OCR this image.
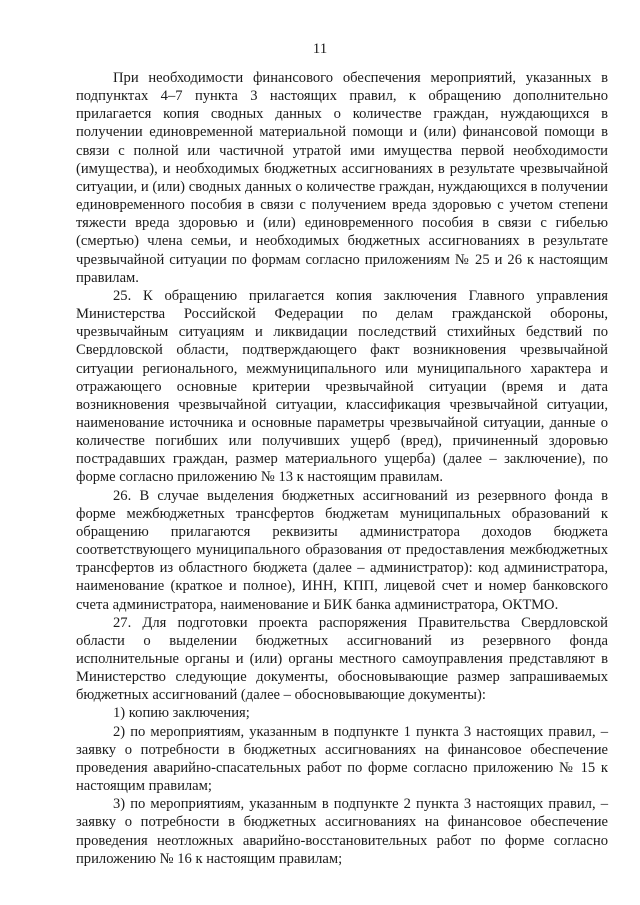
11

При необходимости финансового обеспечения мероприятий, указанных в подпунктах 4–7 пункта 3 настоящих правил, к обращению дополнительно прилагается копия сводных данных о количестве граждан, нуждающихся в получении единовременной материальной помощи и (или) финансовой помощи в связи с полной или частичной утратой ими имущества первой необходимости (имущества), и необходимых бюджетных ассигнованиях в результате чрезвычайной ситуации, и (или) сводных данных о количестве граждан, нуждающихся в получении единовременного пособия в связи с получением вреда здоровью с учетом степени тяжести вреда здоровью и (или) единовременного пособия в связи с гибелью (смертью) члена семьи, и необходимых бюджетных ассигнованиях в результате чрезвычайной ситуации по формам согласно приложениям № 25 и 26 к настоящим правилам.

25. К обращению прилагается копия заключения Главного управления Министерства Российской Федерации по делам гражданской обороны, чрезвычайным ситуациям и ликвидации последствий стихийных бедствий по Свердловской области, подтверждающего факт возникновения чрезвычайной ситуации регионального, межмуниципального или муниципального характера и отражающего основные критерии чрезвычайной ситуации (время и дата возникновения чрезвычайной ситуации, классификация чрезвычайной ситуации, наименование источника и основные параметры чрезвычайной ситуации, данные о количестве погибших или получивших ущерб (вред), причиненный здоровью пострадавших граждан, размер материального ущерба) (далее – заключение), по форме согласно приложению № 13 к настоящим правилам.

26. В случае выделения бюджетных ассигнований из резервного фонда в форме межбюджетных трансфертов бюджетам муниципальных образований к обращению прилагаются реквизиты администратора доходов бюджета соответствующего муниципального образования от предоставления межбюджетных трансфертов из областного бюджета (далее – администратор): код администратора, наименование (краткое и полное), ИНН, КПП, лицевой счет и номер банковского счета администратора, наименование и БИК банка администратора, ОКТМО.

27. Для подготовки проекта распоряжения Правительства Свердловской области о выделении бюджетных ассигнований из резервного фонда исполнительные органы и (или) органы местного самоуправления представляют в Министерство следующие документы, обосновывающие размер запрашиваемых бюджетных ассигнований (далее – обосновывающие документы):

1) копию заключения;

2) по мероприятиям, указанным в подпункте 1 пункта 3 настоящих правил, – заявку о потребности в бюджетных ассигнованиях на финансовое обеспечение проведения аварийно-спасательных работ по форме согласно приложению № 15 к настоящим правилам;

3) по мероприятиям, указанным в подпункте 2 пункта 3 настоящих правил, – заявку о потребности в бюджетных ассигнованиях на финансовое обеспечение проведения неотложных аварийно-восстановительных работ по форме согласно приложению № 16 к настоящим правилам;
